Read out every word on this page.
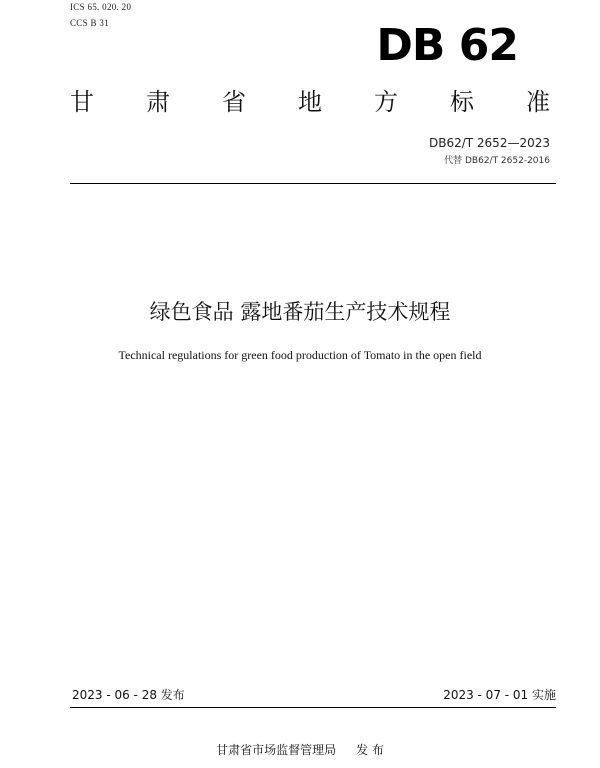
ICS 65. 020. 20
CCS B 31	DB 62
甘 肃 省 地 方 标 准
DB62/T 2652—2023
代替 DB62/T 2652-2016
绿色食品 露地番茄生产技术规程
Technical regulations for green food production of Tomato in the open field
2023 - 06 - 28 发布	2023 - 07 - 01 实施
甘肃省市场监督管理局 发 布
